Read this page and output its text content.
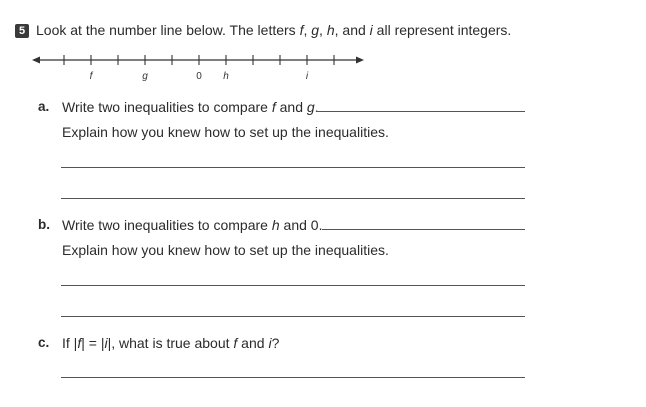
5 Look at the number line below. The letters f, g, h, and i all represent integers.
f	g	0 h	i
a. Write two inequalities to compare f and g.
Explain how you knew how to set up the inequalities.
b. Write two inequalities to compare h and 0.
Explain how you knew how to set up the inequalities.
c. If |f| = |i|, what is true about f and i?
